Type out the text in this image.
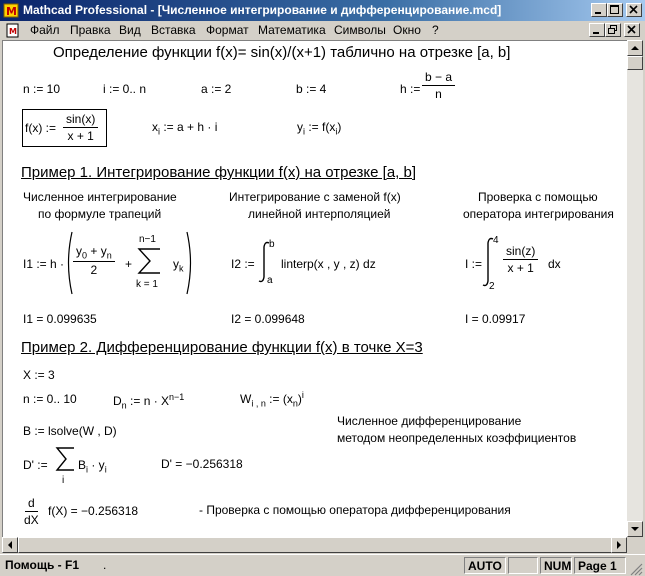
M Mathcad Professional - [Численное интегрирование и дифференцирование.mcd]
M Файл Правка Вид Вставка Формат Математика Символы Окно ?
Определение функции f(x)= sin(x)/(x+1) таблично на отрезке [a, b]
n := 10	i := 0.. n	a := 2	b := 4	h := $\frac{b - a}{n}$
f(x) := $\frac{\sin(x)}{x + 1}$	$x_i$ := a + h · i	$y_i$ := $f(x_i)$
Пример 1. Интегрирование функции f(x) на отрезке [a, b]
Численное интегрирование
по формуле трапеций
Интегрирование с заменой f(x)
линейной интерполяцией
Проверка с помощью
оператора интегрирования
I1 := $h \cdot \frac{y_0 + y_n}{2}$ +
n−1
k = 1
$y_k$	I2 :=
b
a
linterp(x , y , z) dz	I :=
4
2
$\frac{\sin(z)}{x + 1}$ dx
I1 = 0.099635	I2 = 0.099648	I = 0.09917
Пример 2. Дифференцирование функции f(x) в точке X=3
X := 3
n := 0.. 10	$D_n$ := $n \cdot X^{n-1}$	$W_{i , n}$ := $(x_n)^i$
B := lsolve(W , D)
Численное дифференцирование
методом неопределенных коэффициентов
D' :=
i
$B_i \cdot y_i$	D' = −0.256318
$\frac{d}{dX} f(X) = -0.256318$	- Проверка с помощью оператора дифференцирования
Помощь - F1 .	AUTO	NUM Page 1
